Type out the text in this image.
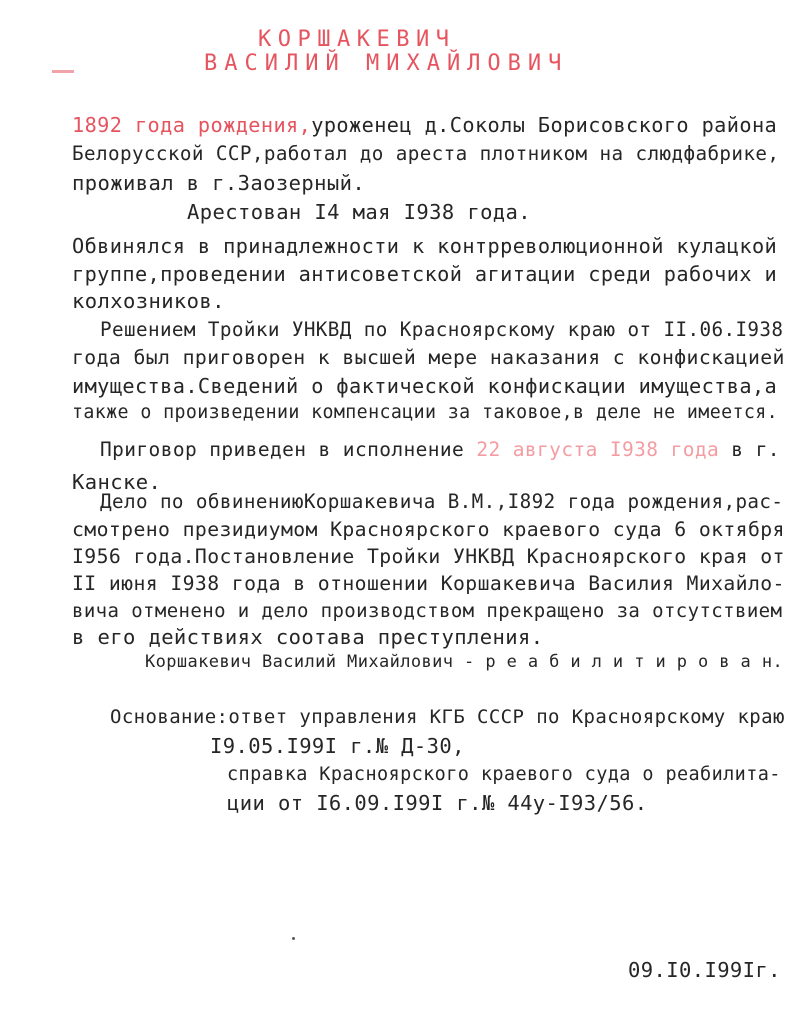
КОРШАКЕВИЧ
ВАСИЛИЙ МИХАЙЛОВИЧ
1892 года рождения,уроженец д.Соколы Борисовского района
Белорусской ССР,работал до ареста плотником на слюдфабрике,
проживал в г.Заозерный.
Арестован I4 мая I938 года.
Обвинялся в принадлежности к контрреволюционной кулацкой
группе,проведении антисоветской агитации среди рабочих и
колхозников.
Решением Тройки УНКВД по Красноярскому краю от II.06.I938
года был приговорен к высшей мере наказания с конфискацией
имущества.Сведений о фактической конфискации имущества,а
также о произведении компенсации за таковое,в деле не имеется.
Приговор приведен в исполнение 22 августа I938 года в г.
Канске.
Дело по обвинениюКоршакевича В.М.,I892 года рождения,рас-
смотрено президиумом Красноярского краевого суда 6 октября
I956 года.Постановление Тройки УНКВД Красноярского края от
II июня I938 года в отношении Коршакевича Василия Михайло-
вича отменено и дело производством прекращено за отсутствием
в его действиях соотава преступления.
Коршакевич Василий Михайлович - р е а б и л и т и р о в а н.
Основание:ответ управления КГБ СССР по Красноярскому краю
I9.05.I99I г.№ Д-30,
справка Красноярского краевого суда о реабилита-
ции от I6.09.I99I г.№ 44у-I93/56.
09.I0.I99Iг.
